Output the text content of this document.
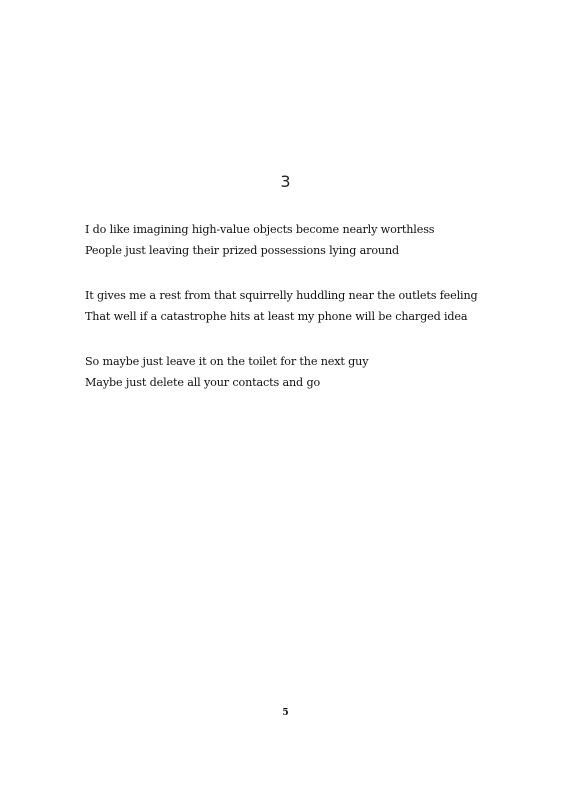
3
I do like imagining high-value objects become nearly worthless
People just leaving their prized possessions lying around
It gives me a rest from that squirrelly huddling near the outlets feeling
That well if a catastrophe hits at least my phone will be charged idea
So maybe just leave it on the toilet for the next guy
Maybe just delete all your contacts and go
5
